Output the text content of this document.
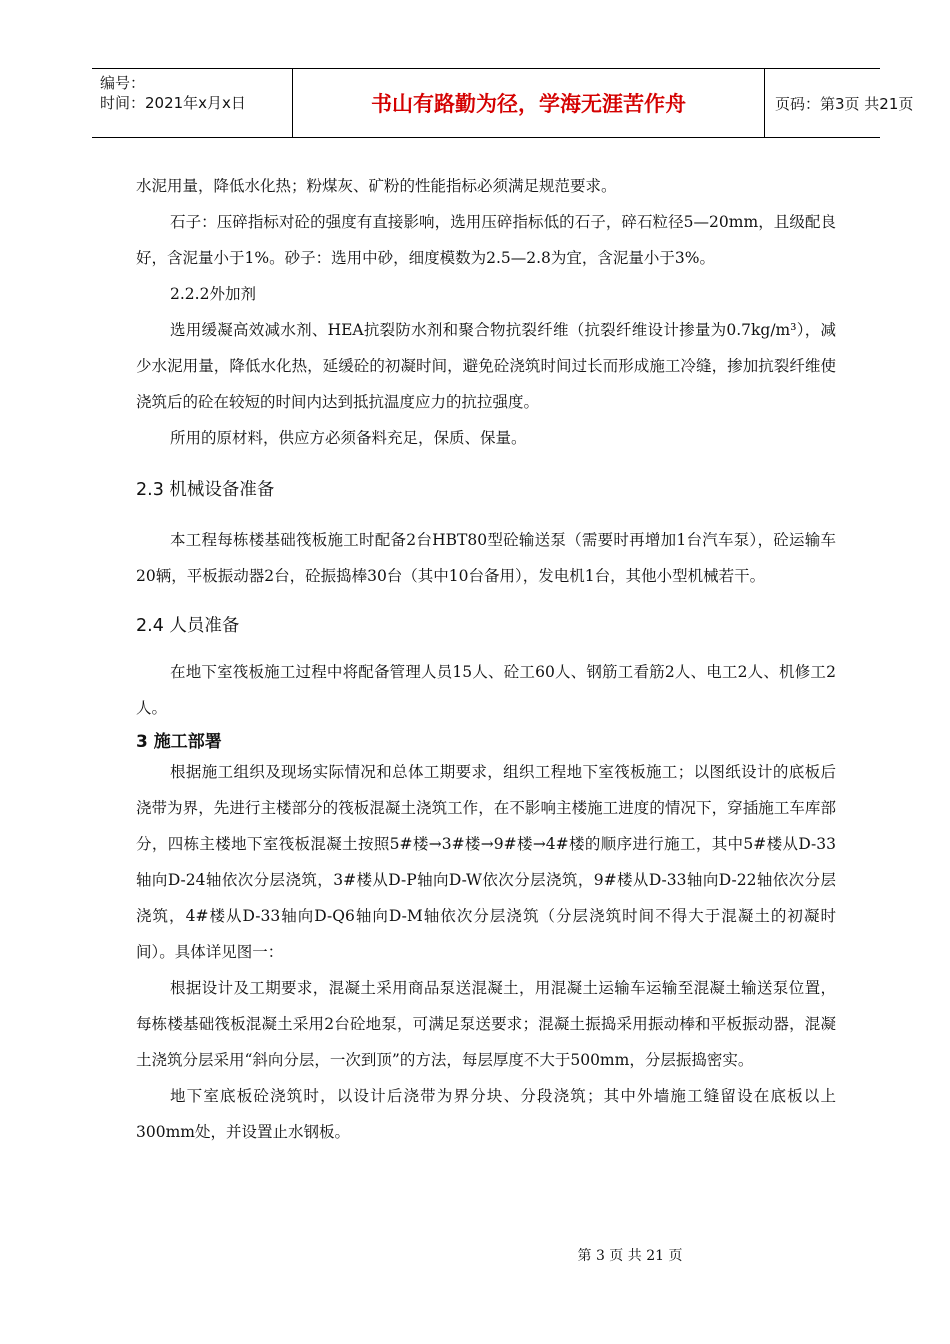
编号：
时间：2021年x月x日	书山有路勤为径，学海无涯苦作舟	页码：第3页 共21页

水泥用量，降低水化热；粉煤灰、矿粉的性能指标必须满足规范要求。

石子：压碎指标对砼的强度有直接影响，选用压碎指标低的石子，碎石粒径5—20mm，且级配良好，含泥量小于1%。砂子：选用中砂，细度模数为2.5—2.8为宜，含泥量小于3%。

2.2.2外加剂

选用缓凝高效减水剂、HEA抗裂防水剂和聚合物抗裂纤维（抗裂纤维设计掺量为0.7kg/m³），减少水泥用量，降低水化热，延缓砼的初凝时间，避免砼浇筑时间过长而形成施工冷缝，掺加抗裂纤维使浇筑后的砼在较短的时间内达到抵抗温度应力的抗拉强度。

所用的原材料，供应方必须备料充足，保质、保量。

2.3 机械设备准备

本工程每栋楼基础筏板施工时配备2台HBT80型砼输送泵（需要时再增加1台汽车泵），砼运输车20辆，平板振动器2台，砼振捣棒30台（其中10台备用），发电机1台，其他小型机械若干。

2.4 人员准备

在地下室筏板施工过程中将配备管理人员15人、砼工60人、钢筋工看筋2人、电工2人、机修工2人。

3 施工部署

根据施工组织及现场实际情况和总体工期要求，组织工程地下室筏板施工；以图纸设计的底板后浇带为界，先进行主楼部分的筏板混凝土浇筑工作，在不影响主楼施工进度的情况下，穿插施工车库部分，四栋主楼地下室筏板混凝土按照5#楼→3#楼→9#楼→4#楼的顺序进行施工，其中5#楼从D-33轴向D-24轴依次分层浇筑，3#楼从D-P轴向D-W依次分层浇筑，9#楼从D-33轴向D-22轴依次分层浇筑，4#楼从D-33轴向D-Q6轴向D-M轴依次分层浇筑（分层浇筑时间不得大于混凝土的初凝时间）。具体详见图一：

根据设计及工期要求，混凝土采用商品泵送混凝土，用混凝土运输车运输至混凝土输送泵位置，每栋楼基础筏板混凝土采用2台砼地泵，可满足泵送要求；混凝土振捣采用振动棒和平板振动器，混凝土浇筑分层采用“斜向分层，一次到顶”的方法，每层厚度不大于500mm，分层振捣密实。

地下室底板砼浇筑时，以设计后浇带为界分块、分段浇筑；其中外墙施工缝留设在底板以上300mm处，并设置止水钢板。

第 3 页 共 21 页
